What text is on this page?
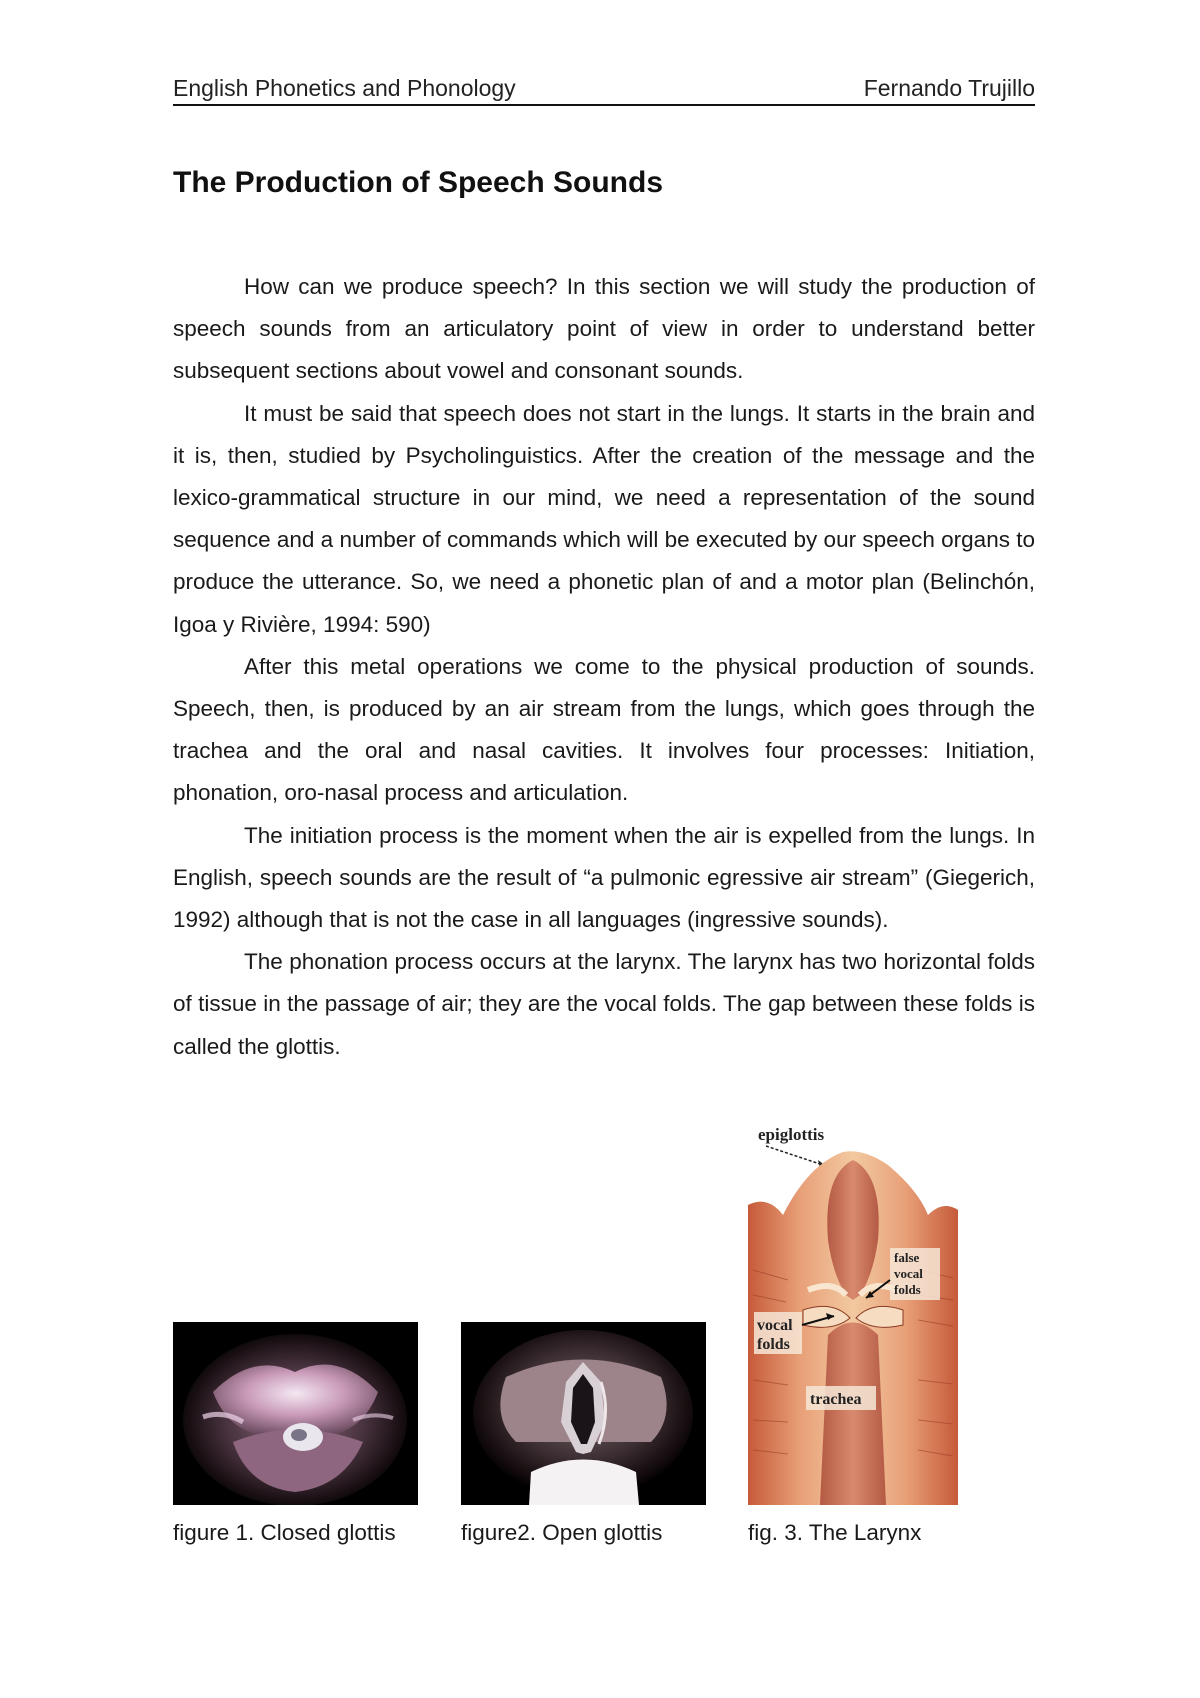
English Phonetics and Phonology	Fernando Trujillo
The Production of Speech Sounds

How can we produce speech? In this section we will study the production of speech sounds from an articulatory point of view in order to understand better subsequent sections about vowel and consonant sounds.

It must be said that speech does not start in the lungs. It starts in the brain and it is, then, studied by Psycholinguistics. After the creation of the message and the lexico-grammatical structure in our mind, we need a representation of the sound sequence and a number of commands which will be executed by our speech organs to produce the utterance. So, we need a phonetic plan of and a motor plan (Belinchón, Igoa y Rivière, 1994: 590)

After this metal operations we come to the physical production of sounds. Speech, then, is produced by an air stream from the lungs, which goes through the trachea and the oral and nasal cavities. It involves four processes: Initiation, phonation, oro-nasal process and articulation.

The initiation process is the moment when the air is expelled from the lungs. In English, speech sounds are the result of “a pulmonic egressive air stream” (Giegerich, 1992) although that is not the case in all languages (ingressive sounds).

The phonation process occurs at the larynx. The larynx has two horizontal folds of tissue in the passage of air; they are the vocal folds. The gap between these folds is called the glottis.

figure 1. Closed glottis	figure2. Open glottis
epiglottis
false
vocal
folds
vocal
folds
trachea
fig. 3. The Larynx
